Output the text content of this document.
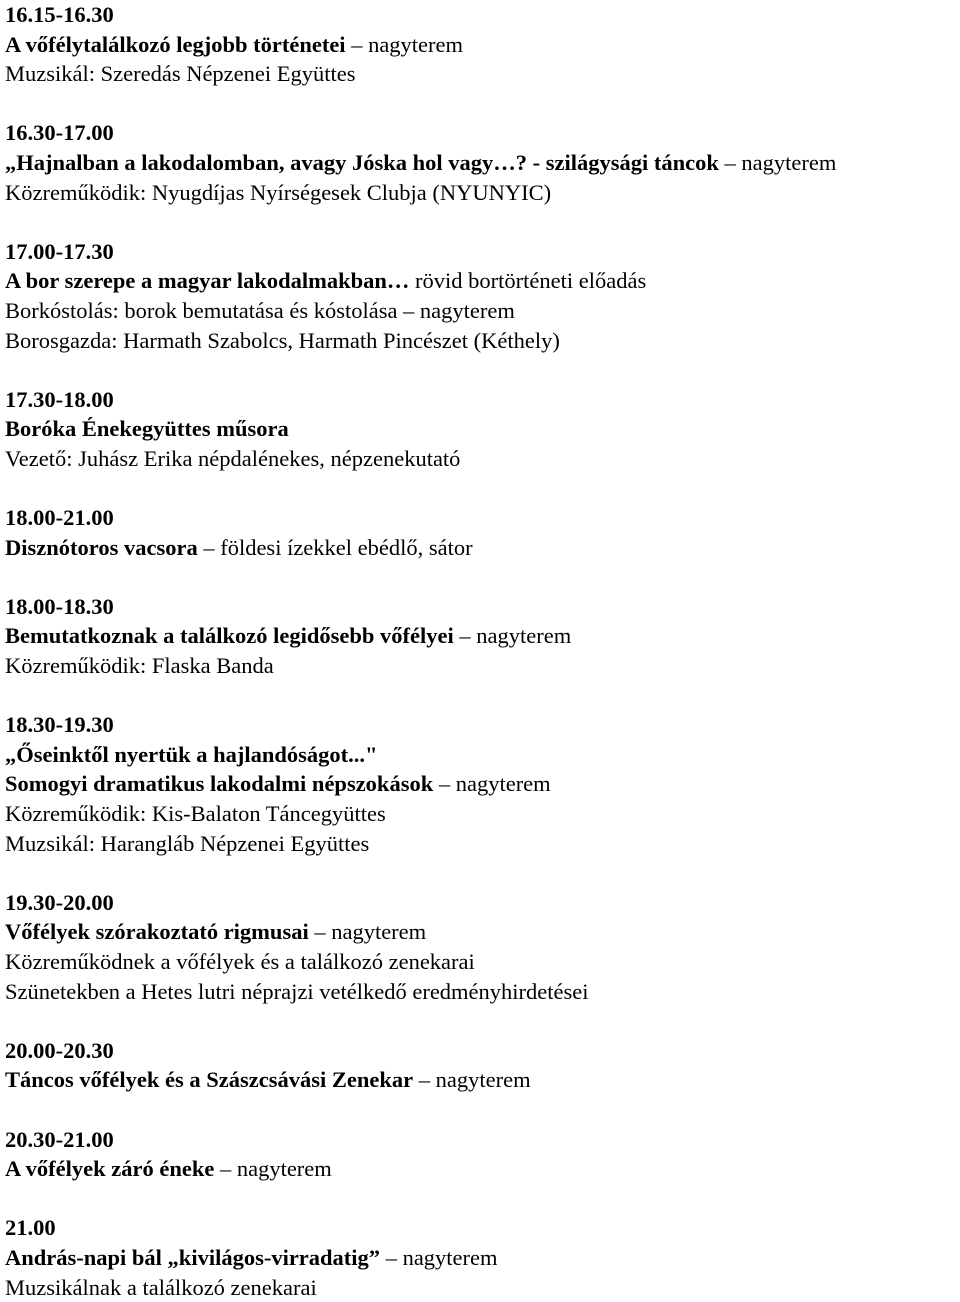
16.15-16.30
A vőfélytalálkozó legjobb történetei – nagyterem
Muzsikál: Szeredás Népzenei Együttes
16.30-17.00
„Hajnalban a lakodalomban, avagy Jóska hol vagy…? - szilágysági táncok – nagyterem
Közreműködik: Nyugdíjas Nyírségesek Clubja (NYUNYIC)
17.00-17.30
A bor szerepe a magyar lakodalmakban… rövid bortörténeti előadás
Borkóstolás: borok bemutatása és kóstolása – nagyterem
Borosgazda: Harmath Szabolcs, Harmath Pincészet (Kéthely)
17.30-18.00
Boróka Énekegyüttes műsora
Vezető: Juhász Erika népdalénekes, népzenekutató
18.00-21.00
Disznótoros vacsora – földesi ízekkel ebédlő, sátor
18.00-18.30
Bemutatkoznak a találkozó legidősebb vőfélyei – nagyterem
Közreműködik: Flaska Banda
18.30-19.30
„Őseinktől nyertük a hajlandóságot..."
Somogyi dramatikus lakodalmi népszokások – nagyterem
Közreműködik: Kis-Balaton Táncegyüttes
Muzsikál: Harangláb Népzenei Együttes
19.30-20.00
Vőfélyek szórakoztató rigmusai – nagyterem
Közreműködnek a vőfélyek és a találkozó zenekarai
Szünetekben a Hetes lutri néprajzi vetélkedő eredményhirdetései
20.00-20.30
Táncos vőfélyek és a Szászcsávási Zenekar – nagyterem
20.30-21.00
A vőfélyek záró éneke – nagyterem
21.00
András-napi bál „kivilágos-virradatig” – nagyterem
Muzsikálnak a találkozó zenekarai
